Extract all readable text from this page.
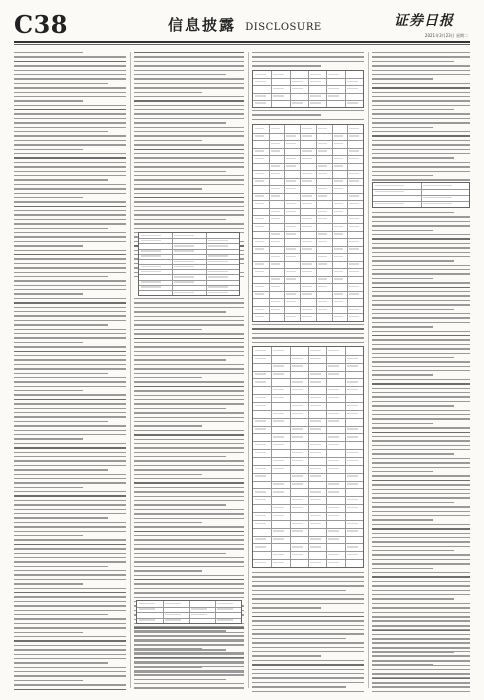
C38	信息披露 DISCLOSURE	证券日报
2021年3月23日 星期二
